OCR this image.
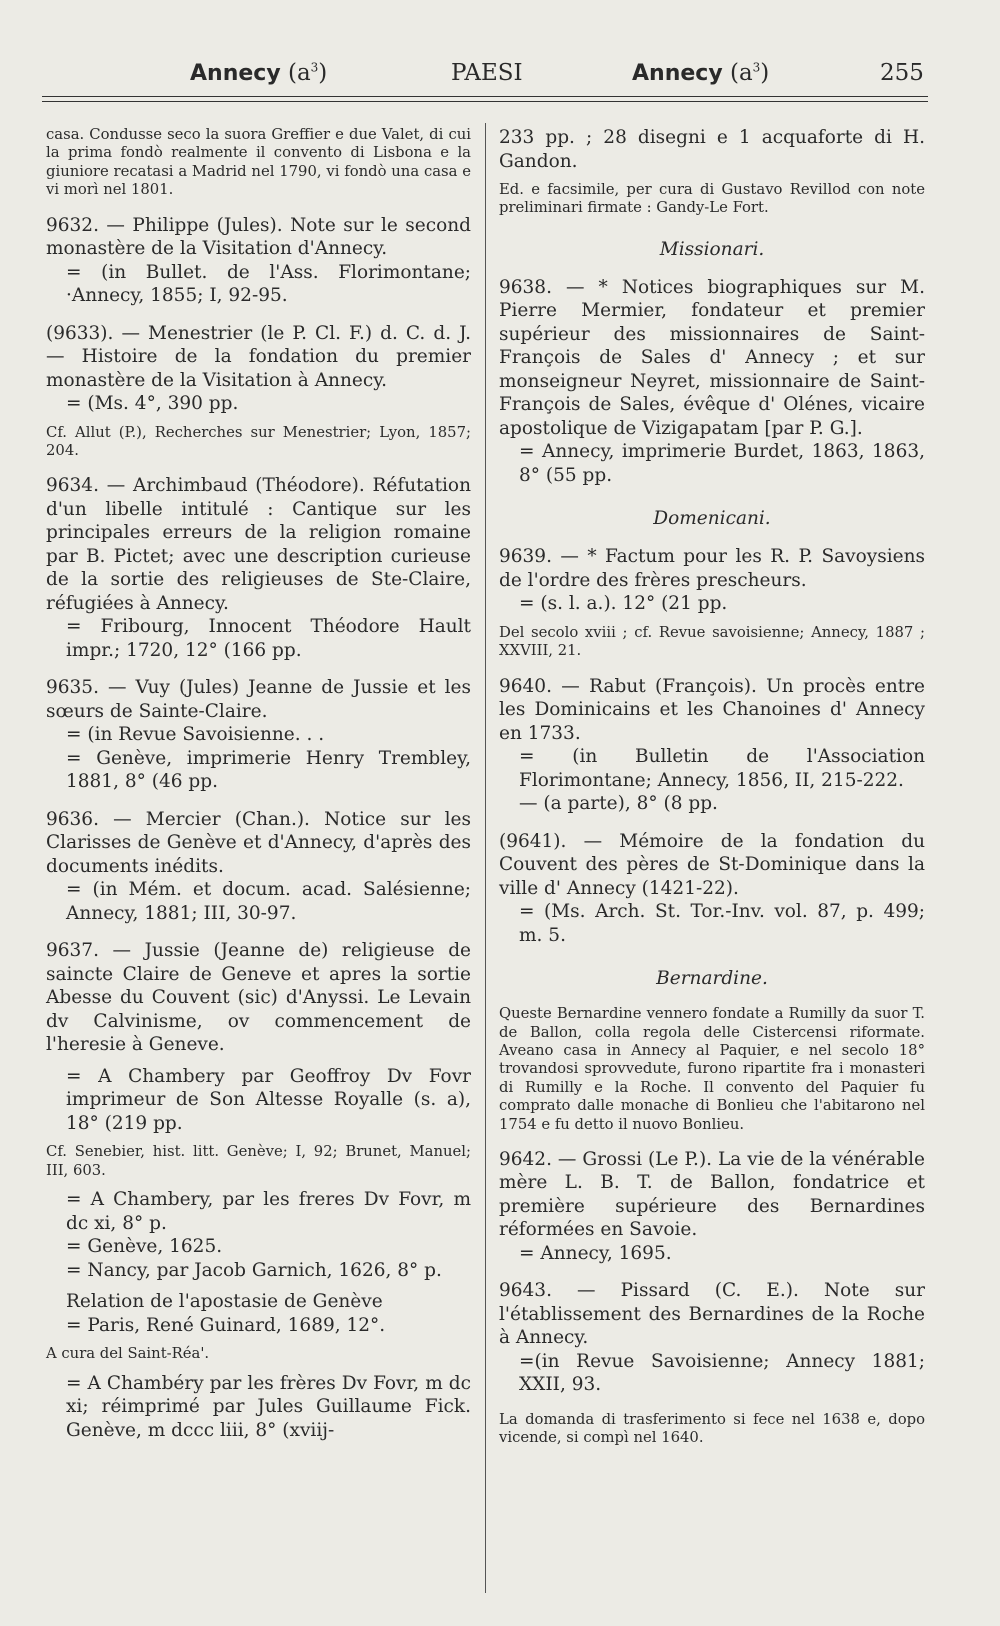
Annecy $(a^3)$	PAESI	Annecy $(a^3)$	255

casa. Condusse seco la suora Greffier e due Valet, di cui la prima fondò realmente il convento di Lisbona e la giuniore recatasi a Madrid nel 1790, vi fondò una casa e vi morì nel 1801.

9632. — Philippe (Jules). Note sur le second monastère de la Visitation d'Annecy.

= (in Bullet. de l'Ass. Florimontane; ·Annecy, 1855; I, 92-95.

(9633). — Menestrier (le P. Cl. F.) d. C. d. J. — Histoire de la fondation du premier monastère de la Visitation à Annecy.

= (Ms. 4°, 390 pp.

Cf. Allut (P.), Recherches sur Menestrier; Lyon, 1857; 204.

9634. — Archimbaud (Théodore). Réfutation d'un libelle intitulé : Cantique sur les principales erreurs de la religion romaine par B. Pictet; avec une description curieuse de la sortie des religieuses de Ste-Claire, réfugiées à Annecy.

= Fribourg, Innocent Théodore Hault impr.; 1720, 12° (166 pp.

9635. — Vuy (Jules) Jeanne de Jussie et les sœurs de Sainte-Claire.

= (in Revue Savoisienne. . .

= Genève, imprimerie Henry Trembley, 1881, 8° (46 pp.

9636. — Mercier (Chan.). Notice sur les Clarisses de Genève et d'Annecy, d'après des documents inédits.

= (in Mém. et docum. acad. Salésienne; Annecy, 1881; III, 30-97.

9637. — Jussie (Jeanne de) religieuse de saincte Claire de Geneve et apres la sortie Abesse du Couvent (sic) d'Anyssi. Le Levain dv Calvinisme, ov commencement de l'heresie à Geneve.

= A Chambery par Geoffroy Dv Fovr imprimeur de Son Altesse Royalle (s. a), 18° (219 pp.

Cf. Senebier, hist. litt. Genève; I, 92; Brunet, Manuel; III, 603.

= A Chambery, par les freres Dv Fovr, m dc xi, 8° p.

= Genève, 1625.

= Nancy, par Jacob Garnich, 1626, 8° p.

Relation de l'apostasie de Genève

= Paris, René Guinard, 1689, 12°.

A cura del Saint-Réa'.

= A Chambéry par les frères Dv Fovr, m dc xi; réimprimé par Jules Guillaume Fick. Genève, m dccc liii, 8° (xviij-

233 pp. ; 28 disegni e 1 acquaforte di H. Gandon.

Ed. e facsimile, per cura di Gustavo Revillod con note preliminari firmate : Gandy-Le Fort.

Missionari.

9638. — * Notices biographiques sur M. Pierre Mermier, fondateur et premier supérieur des missionnaires de Saint-François de Sales d' Annecy ; et sur monseigneur Neyret, missionnaire de Saint-François de Sales, évêque d' Olénes, vicaire apostolique de Vizigapatam [par P. G.].

= Annecy, imprimerie Burdet, 1863, 1863, 8° (55 pp.

Domenicani.

9639. — * Factum pour les R. P. Savoysiens de l'ordre des frères prescheurs.

= (s. l. a.). 12° (21 pp.

Del secolo xviii ; cf. Revue savoisienne; Annecy, 1887 ; XXVIII, 21.

9640. — Rabut (François). Un procès entre les Dominicains et les Chanoines d' Annecy en 1733.

= (in Bulletin de l'Association Florimontane; Annecy, 1856, II, 215-222.

— (a parte), 8° (8 pp.

(9641). — Mémoire de la fondation du Couvent des pères de St-Dominique dans la ville d' Annecy (1421-22).

= (Ms. Arch. St. Tor.-Inv. vol. 87, p. 499; m. 5.

Bernardine.

Queste Bernardine vennero fondate a Rumilly da suor T. de Ballon, colla regola delle Cistercensi riformate. Aveano casa in Annecy al Paquier, e nel secolo 18° trovandosi sprovvedute, furono ripartite fra i monasteri di Rumilly e la Roche. Il convento del Paquier fu comprato dalle monache di Bonlieu che l'abitarono nel 1754 e fu detto il nuovo Bonlieu.

9642. — Grossi (Le P.). La vie de la vénérable mère L. B. T. de Ballon, fondatrice et première supérieure des Bernardines réformées en Savoie.

= Annecy, 1695.

9643. — Pissard (C. E.). Note sur l'établissement des Bernardines de la Roche à Annecy.

=(in Revue Savoisienne; Annecy 1881; XXII, 93.

La domanda di trasferimento si fece nel 1638 e, dopo vicende, si compì nel 1640.
